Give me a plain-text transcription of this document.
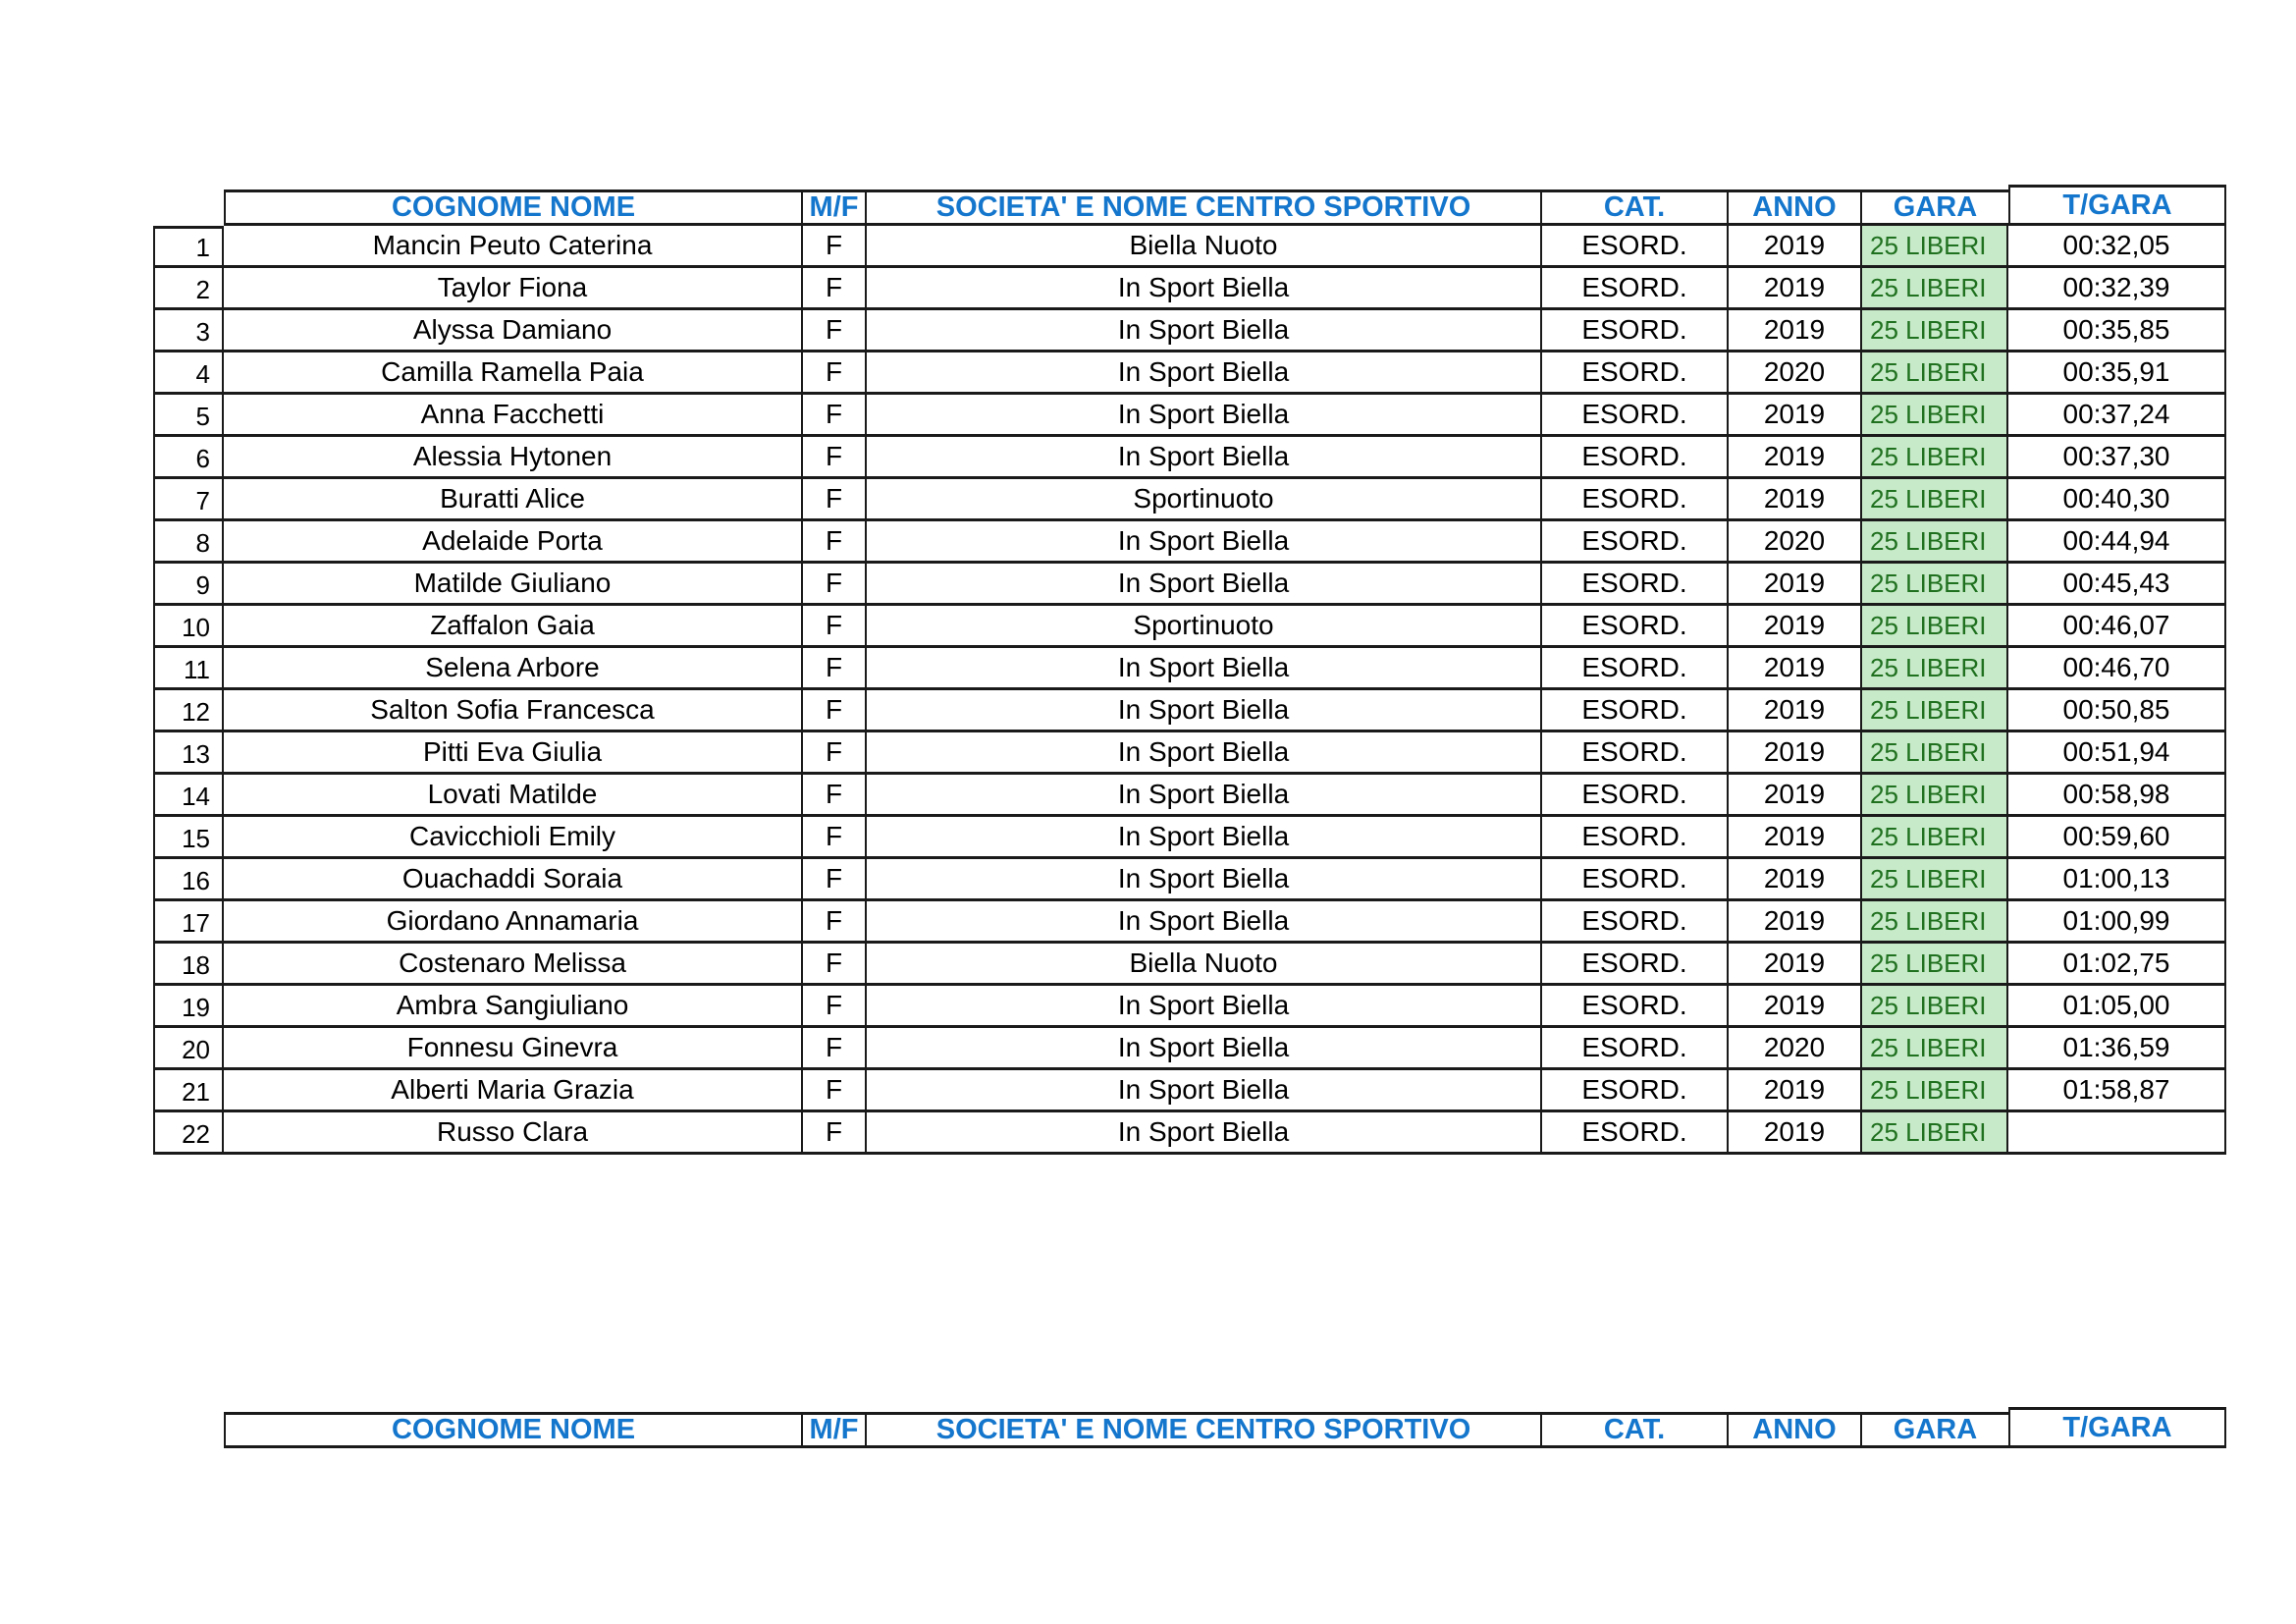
COGNOME NOME	M/F	SOCIETA' E NOME CENTRO SPORTIVO	CAT.	ANNO	GARA	T/GARA
1	Mancin Peuto Caterina	F	Biella Nuoto	ESORD.	2019	25 LIBERI	00:32,05
2	Taylor Fiona	F	In Sport Biella	ESORD.	2019	25 LIBERI	00:32,39
3	Alyssa Damiano	F	In Sport Biella	ESORD.	2019	25 LIBERI	00:35,85
4	Camilla Ramella Paia	F	In Sport Biella	ESORD.	2020	25 LIBERI	00:35,91
5	Anna Facchetti	F	In Sport Biella	ESORD.	2019	25 LIBERI	00:37,24
6	Alessia Hytonen	F	In Sport Biella	ESORD.	2019	25 LIBERI	00:37,30
7	Buratti Alice	F	Sportinuoto	ESORD.	2019	25 LIBERI	00:40,30
8	Adelaide Porta	F	In Sport Biella	ESORD.	2020	25 LIBERI	00:44,94
9	Matilde Giuliano	F	In Sport Biella	ESORD.	2019	25 LIBERI	00:45,43
10	Zaffalon Gaia	F	Sportinuoto	ESORD.	2019	25 LIBERI	00:46,07
11	Selena Arbore	F	In Sport Biella	ESORD.	2019	25 LIBERI	00:46,70
12	Salton Sofia Francesca	F	In Sport Biella	ESORD.	2019	25 LIBERI	00:50,85
13	Pitti Eva Giulia	F	In Sport Biella	ESORD.	2019	25 LIBERI	00:51,94
14	Lovati Matilde	F	In Sport Biella	ESORD.	2019	25 LIBERI	00:58,98
15	Cavicchioli Emily	F	In Sport Biella	ESORD.	2019	25 LIBERI	00:59,60
16	Ouachaddi Soraia	F	In Sport Biella	ESORD.	2019	25 LIBERI	01:00,13
17	Giordano Annamaria	F	In Sport Biella	ESORD.	2019	25 LIBERI	01:00,99
18	Costenaro Melissa	F	Biella Nuoto	ESORD.	2019	25 LIBERI	01:02,75
19	Ambra Sangiuliano	F	In Sport Biella	ESORD.	2019	25 LIBERI	01:05,00
20	Fonnesu Ginevra	F	In Sport Biella	ESORD.	2020	25 LIBERI	01:36,59
21	Alberti Maria Grazia	F	In Sport Biella	ESORD.	2019	25 LIBERI	01:58,87
22	Russo Clara	F	In Sport Biella	ESORD.	2019	25 LIBERI
COGNOME NOME	M/F	SOCIETA' E NOME CENTRO SPORTIVO	CAT.	ANNO	GARA	T/GARA
